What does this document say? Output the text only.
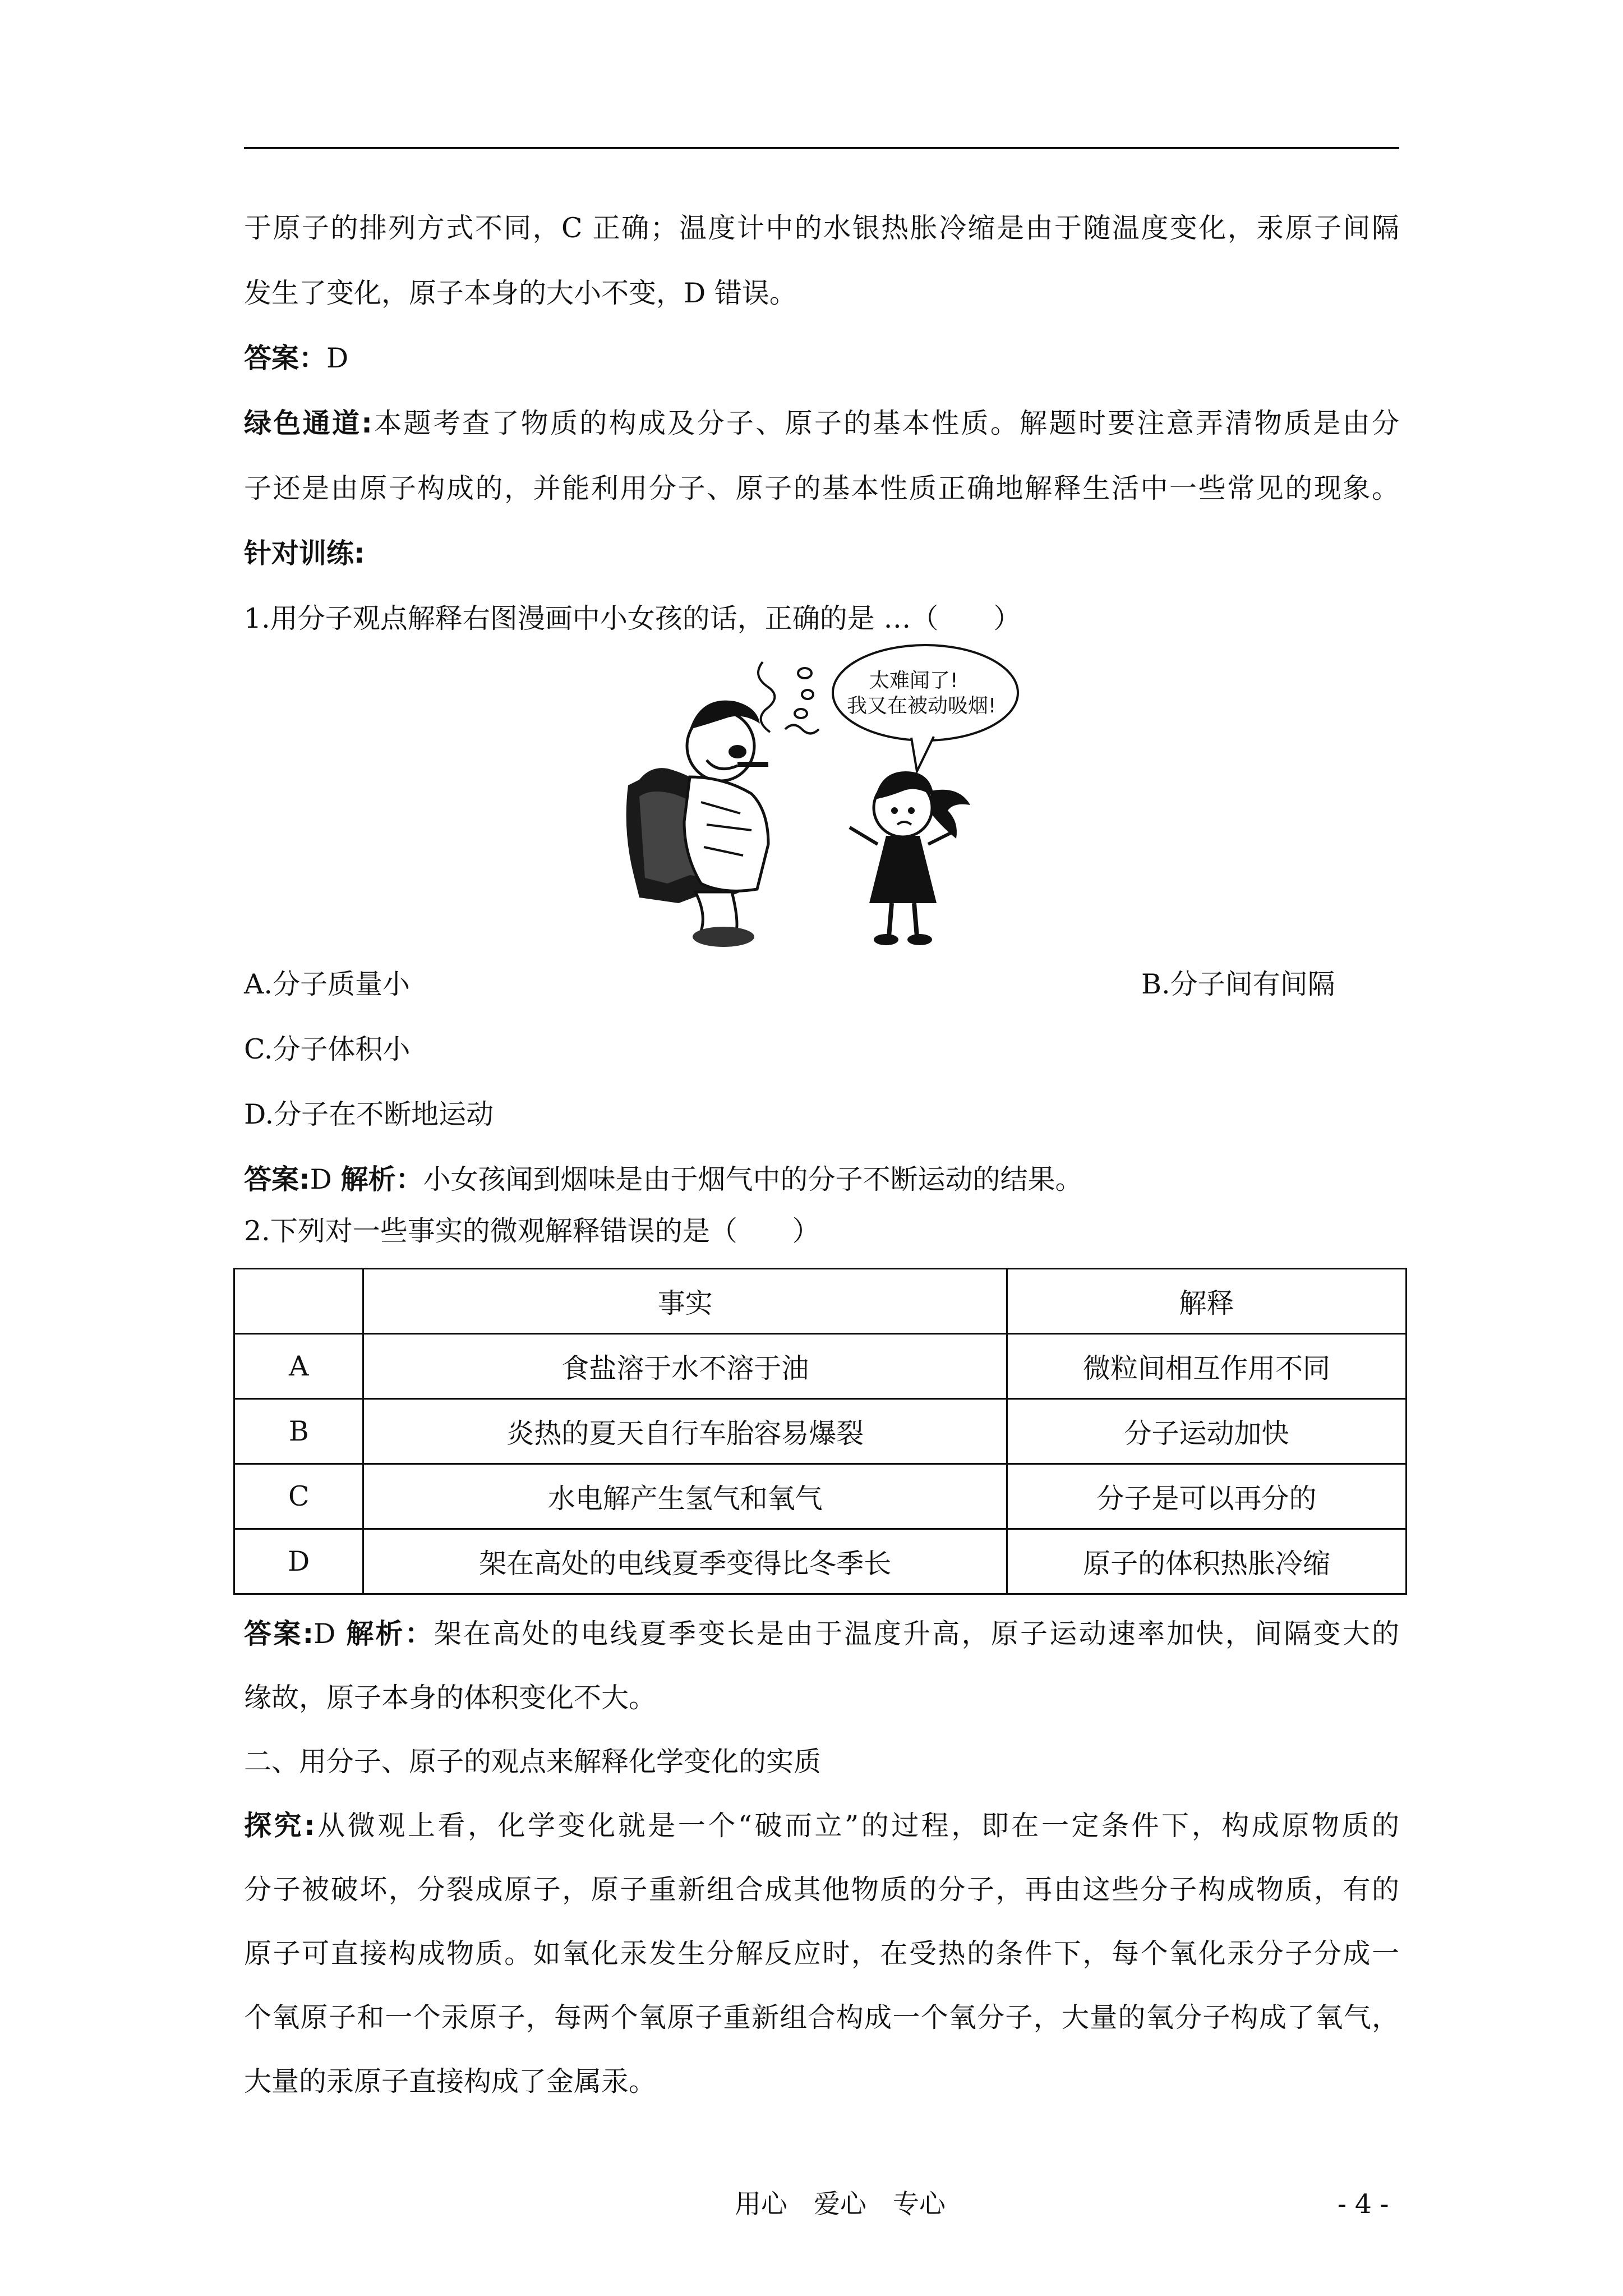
于原子的排列方式不同，C 正确；温度计中的水银热胀冷缩是由于随温度变化，汞原子间隔
发生了变化，原子本身的大小不变，D 错误。
答案：D
绿色通道:本题考查了物质的构成及分子、原子的基本性质。解题时要注意弄清物质是由分
子还是由原子构成的，并能利用分子、原子的基本性质正确地解释生活中一些常见的现象。
针对训练:
1.用分子观点解释右图漫画中小女孩的话，正确的是 …（　　）
太难闻了!
我又在被动吸烟!
A.分子质量小	B.分子间有间隔
C.分子体积小
D.分子在不断地运动
答案:D 解析：小女孩闻到烟味是由于烟气中的分子不断运动的结果。
2.下列对一些事实的微观解释错误的是（　　）
	事实	解释
A	食盐溶于水不溶于油	微粒间相互作用不同
B	炎热的夏天自行车胎容易爆裂	分子运动加快
C	水电解产生氢气和氧气	分子是可以再分的
D	架在高处的电线夏季变得比冬季长	原子的体积热胀冷缩
答案:D 解析：架在高处的电线夏季变长是由于温度升高，原子运动速率加快，间隔变大的
缘故，原子本身的体积变化不大。
二、用分子、原子的观点来解释化学变化的实质
探究:从微观上看，化学变化就是一个“破而立”的过程，即在一定条件下，构成原物质的
分子被破坏，分裂成原子，原子重新组合成其他物质的分子，再由这些分子构成物质，有的
原子可直接构成物质。如氧化汞发生分解反应时，在受热的条件下，每个氧化汞分子分成一
个氧原子和一个汞原子，每两个氧原子重新组合构成一个氧分子，大量的氧分子构成了氧气，
大量的汞原子直接构成了金属汞。
用心　爱心　专心	- 4 -
